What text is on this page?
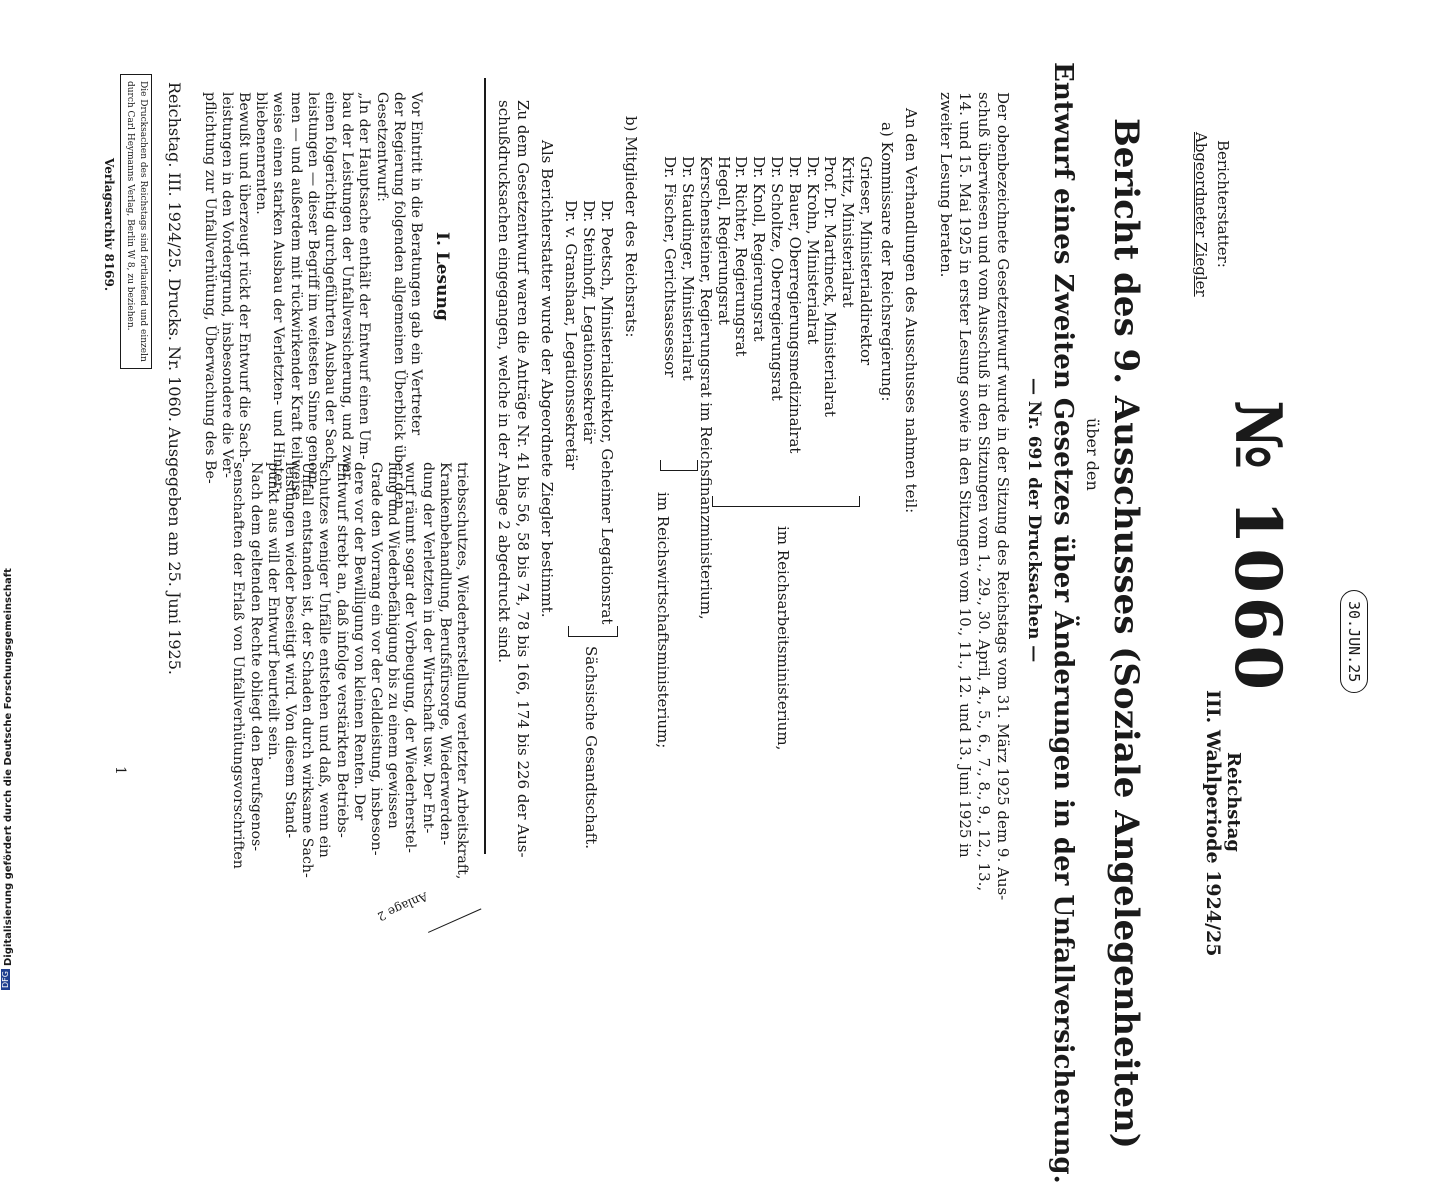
№ 1060	30.JUN.25
Reichstag
III. Wahlperiode 1924/25
Berichterstatter:
Abgeordneter Ziegler
Bericht des 9. Ausschusses (Soziale Angelegenheiten)
über den
Entwurf eines Zweiten Gesetzes über Änderungen in der Unfallversicherung.
— Nr. 691 der Drucksachen —
Der obenbezeichnete Gesetzentwurf wurde in der Sitzung des Reichstags vom 31. März 1925 dem 9. Aus-
schuß überwiesen und vom Ausschuß in den Sitzungen vom 1., 29., 30. April, 4., 5., 6., 7., 8., 9., 12., 13.,
14. und 15. Mai 1925 in erster Lesung sowie in den Sitzungen vom 10., 11., 12. und 13. Juni 1925 in
zweiter Lesung beraten.
An den Verhandlungen des Ausschusses nahmen teil:
a) Kommissare der Reichsregierung:
Grieser, Ministerialdirektor
Kritz, Ministerialrat
Prof. Dr. Martineck, Ministerialrat
Dr. Krohn, Ministerialrat
Dr. Bauer, Oberregierungsmedizinalrat
Dr. Scholtze, Oberregierungsrat
Dr. Knoll, Regierungsrat
Dr. Richter, Regierungsrat
Hegell, Regierungsrat
Kerschensteiner, Regierungsrat im Reichsfinanzministerium,
Dr. Staudinger, Ministerialrat
Dr. Fischer, Gerichtsassessor
im Reichsarbeitsministerium,
im Reichswirtschaftsministerium;
b) Mitglieder des Reichsrats:
Dr. Poetsch, Ministerialdirektor, Geheimer Legationsrat
Dr. Steinhoff, Legationssekretär
Dr. v. Granshaar, Legationssekretär
Sächsische Gesandtschaft.
Als Berichterstatter wurde der Abgeordnete Ziegler bestimmt.
Zu dem Gesetzentwurf waren die Anträge Nr. 41 bis 56, 58 bis 74, 78 bis 166, 174 bis 226 der Aus-
schußdrucksachen eingegangen, welche in der Anlage 2 abgedruckt sind.
I. Lesung
Vor Eintritt in die Beratungen gab ein Vertreter
der Regierung folgenden allgemeinen Überblick über den
Gesetzentwurf:
„In der Hauptsache enthält der Entwurf einen Um-
bau der Leistungen der Unfallversicherung, und zwar
einen folgerichtig durchgeführten Ausbau der Sach-
leistungen — dieser Begriff im weitesten Sinne genom-
men — und außerdem mit rückwirkender Kraft teilweise
weise einen starken Ausbau der Verletzten- und Hinter-
bliebenenrenten.
Bewußt und überzeugt rückt der Entwurf die Sach-
leistungen in den Vordergrund, insbesondere die Ver-
pflichtung zur Unfallverhütung, Überwachung des Be-
triebsschutzes, Wiederherstellung verletzter Arbeitskraft,
Krankenbehandlung, Berufsfürsorge, Wiederwerden-
dung der Verletzten in der Wirtschaft usw. Der Ent-
wurf räumt sogar der Vorbeugung, der Wiederherstel-
lung und Wiederbefähigung bis zu einem gewissen
Grade den Vorrang ein vor der Geldleistung, insbeson-
dere vor der Bewilligung von kleinen Renten. Der
Entwurf strebt an, daß infolge verstärkten Betriebs-
schutzes weniger Unfälle entstehen und daß, wenn ein
Unfall entstanden ist, der Schaden durch wirksame Sach-
leistungen wieder beseitigt wird. Von diesem Stand-
punkt aus will der Entwurf beurteilt sein.
Nach dem geltenden Rechte obliegt den Berufsgenos-
senschaften der Erlaß von Unfallverhütungsvorschriften
Die Drucksachen des Reichstags sind fortlaufend und einzeln
durch Carl Heymanns Verlag, Berlin W 8, zu beziehen.
Verlagsarchiv 8169.	Reichstag. III. 1924/25. Drucks. Nr. 1060. Ausgegeben am 25. Juni 1925.
Anlage 2
1
Digitalisierung gefördert durch die Deutsche Forschungsgemeinschaft
DFG
